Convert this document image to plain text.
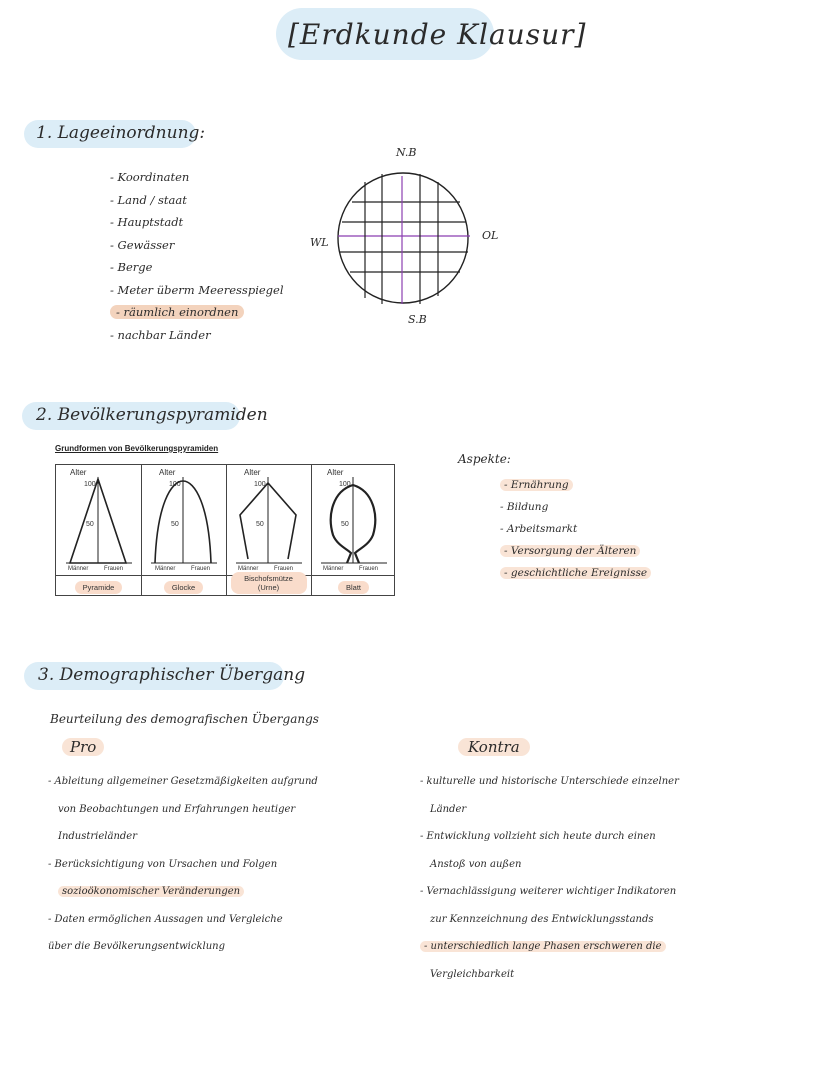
[Erdkunde Klausur]
1. Lageeinordnung:
- Koordinaten
- Land / staat
- Hauptstadt
- Gewässer
- Berge
- Meter überm Meeresspiegel
- räumlich einordnen
- nachbar Länder
N.B
S.B
WL
OL
2. Bevölkerungspyramiden
Grundformen von Bevölkerungspyramiden
Alter
100
50
Männer	Frauen
Pyramide
Alter
100
50
Männer	Frauen
Glocke
Alter
100
50
Männer	Frauen
Bischofsmütze (Urne)
Alter
100
50
Männer	Frauen
Blatt
Aspekte:
- Ernährung
- Bildung
- Arbeitsmarkt
- Versorgung der Älteren
- geschichtliche Ereignisse
3. Demographischer Übergang
Beurteilung des demografischen Übergangs
Pro	Kontra
- Ableitung allgemeiner Gesetzmäßigkeiten aufgrund
von Beobachtungen und Erfahrungen heutiger
Industrieländer
- Berücksichtigung von Ursachen und Folgen
sozioökonomischer Veränderungen
- Daten ermöglichen Aussagen und Vergleiche
über die Bevölkerungsentwicklung
- kulturelle und historische Unterschiede einzelner
Länder
- Entwicklung vollzieht sich heute durch einen
Anstoß von außen
- Vernachlässigung weiterer wichtiger Indikatoren
zur Kennzeichnung des Entwicklungsstands
- unterschiedlich lange Phasen erschweren die
Vergleichbarkeit
